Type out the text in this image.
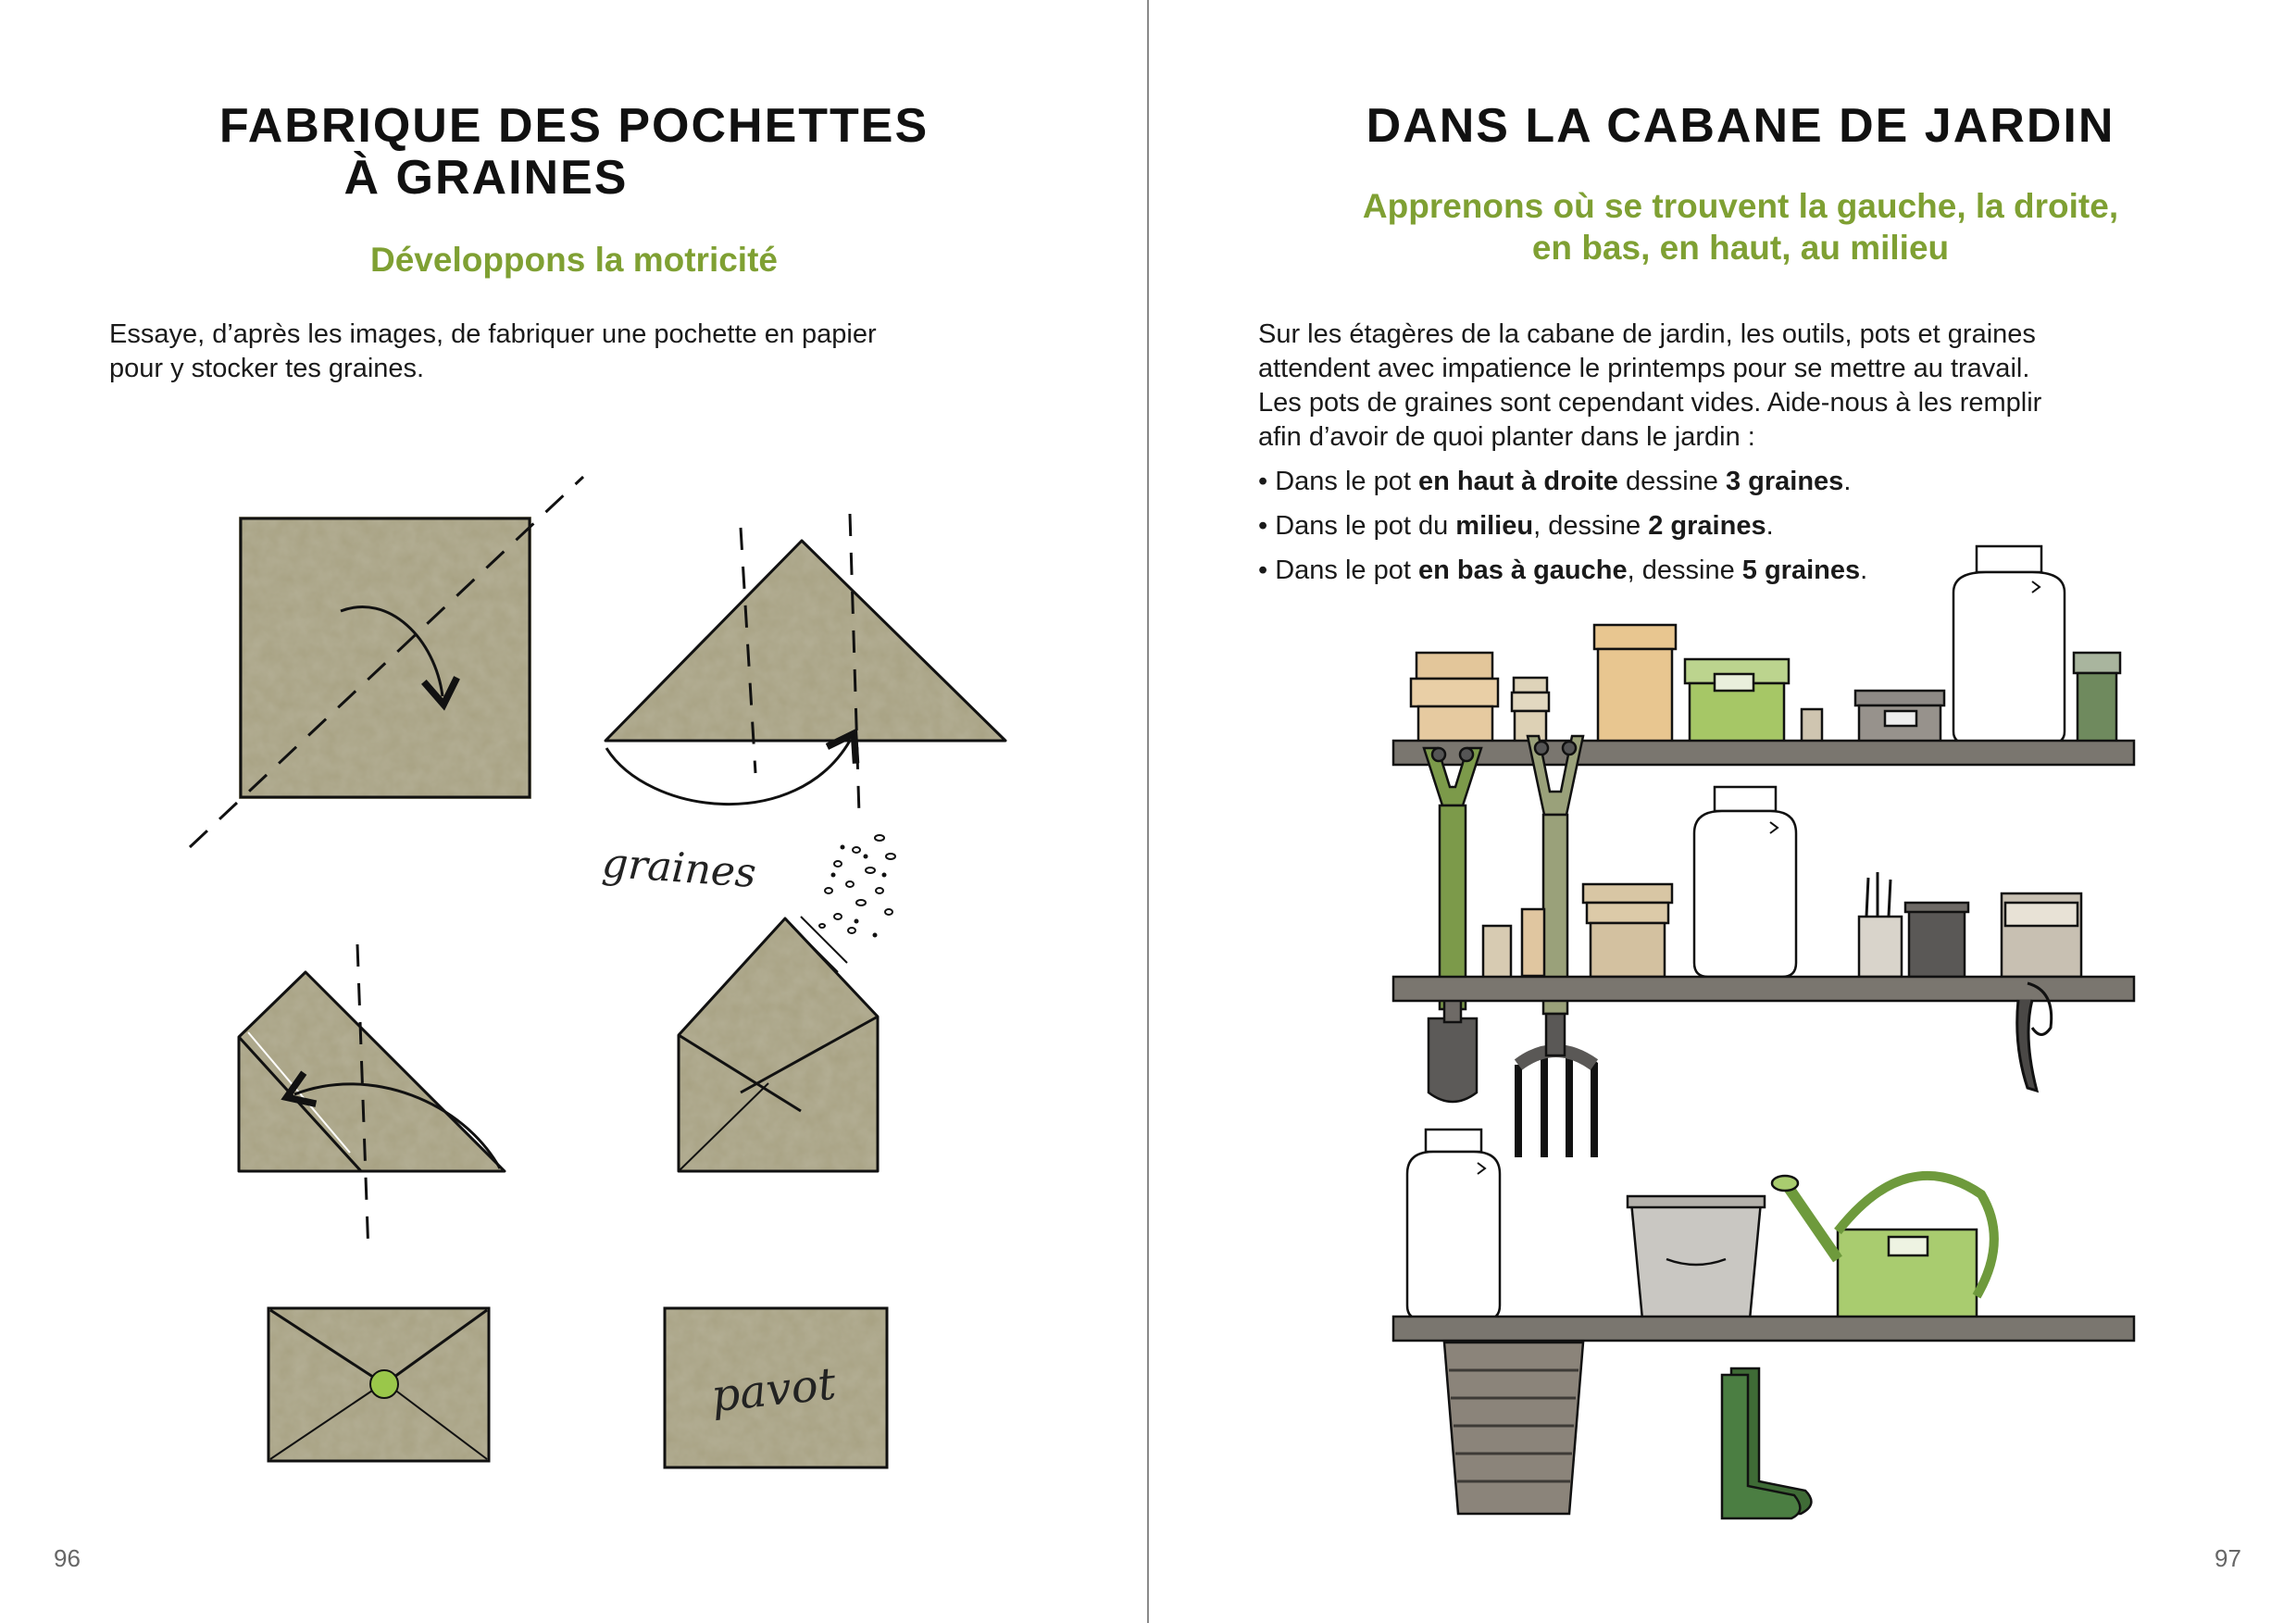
FABRIQUE DES POCHETTES
À GRAINES
Développons la motricité
Essaye, d’après les images, de fabriquer une pochette en papier
pour y stocker tes graines.
graines
pavot
96
DANS LA CABANE DE JARDIN
Apprenons où se trouvent la gauche, la droite,
en bas, en haut, au milieu
Sur les étagères de la cabane de jardin, les outils, pots et graines
attendent avec impatience le printemps pour se mettre au travail.
Les pots de graines sont cependant vides. Aide-nous à les remplir
afin d’avoir de quoi planter dans le jardin :
• Dans le pot en haut à droite dessine 3 graines.
• Dans le pot du milieu, dessine 2 graines.
• Dans le pot en bas à gauche, dessine 5 graines.
97
